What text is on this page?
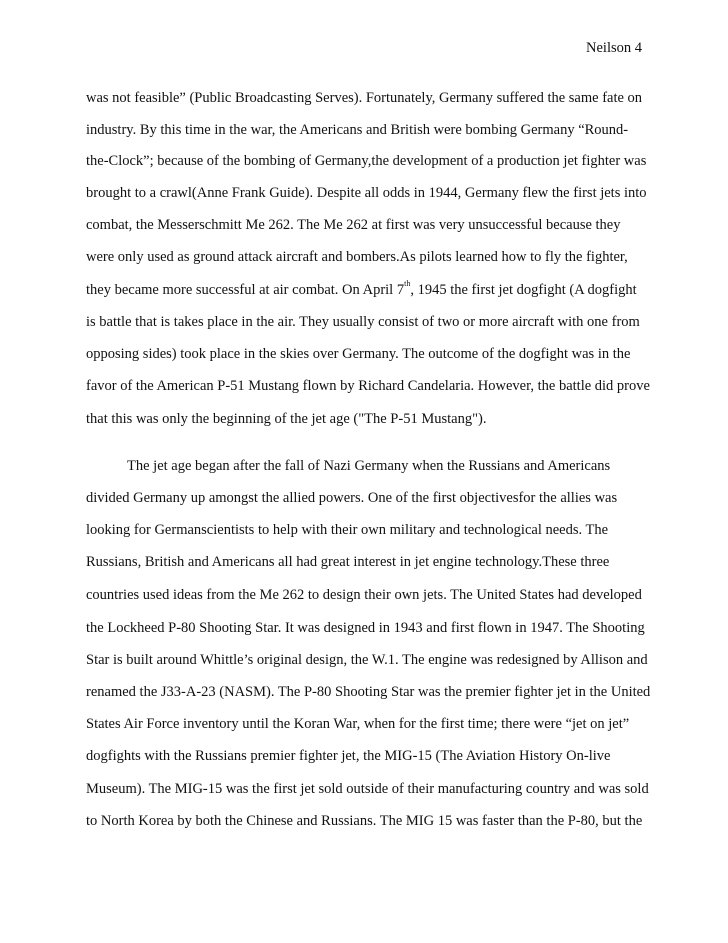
Neilson 4
was not feasible” (Public Broadcasting Serves). Fortunately, Germany suffered the same fate on
industry. By this time in the war, the Americans and British were bombing Germany “Round-
the-Clock”; because of the bombing of Germany,the development of a production jet fighter was
brought to a crawl(Anne Frank Guide). Despite all odds in 1944, Germany flew the first jets into
combat, the Messerschmitt Me 262. The Me 262 at first was very unsuccessful because they
were only used as ground attack aircraft and bombers.As pilots learned how to fly the fighter,
they became more successful at air combat. On April 7th, 1945 the first jet dogfight (A dogfight
is battle that is takes place in the air. They usually consist of two or more aircraft with one from
opposing sides) took place in the skies over Germany. The outcome of the dogfight was in the
favor of the American P-51 Mustang flown by Richard Candelaria. However, the battle did prove
that this was only the beginning of the jet age ("The P-51 Mustang").
The jet age began after the fall of Nazi Germany when the Russians and Americans
divided Germany up amongst the allied powers. One of the first objectivesfor the allies was
looking for Germanscientists to help with their own military and technological needs. The
Russians, British and Americans all had great interest in jet engine technology.These three
countries used ideas from the Me 262 to design their own jets. The United States had developed
the Lockheed P-80 Shooting Star. It was designed in 1943 and first flown in 1947. The Shooting
Star is built around Whittle’s original design, the W.1. The engine was redesigned by Allison and
renamed the J33-A-23 (NASM). The P-80 Shooting Star was the premier fighter jet in the United
States Air Force inventory until the Koran War, when for the first time; there were “jet on jet”
dogfights with the Russians premier fighter jet, the MIG-15 (The Aviation History On-live
Museum). The MIG-15 was the first jet sold outside of their manufacturing country and was sold
to North Korea by both the Chinese and Russians. The MIG 15 was faster than the P-80, but the
